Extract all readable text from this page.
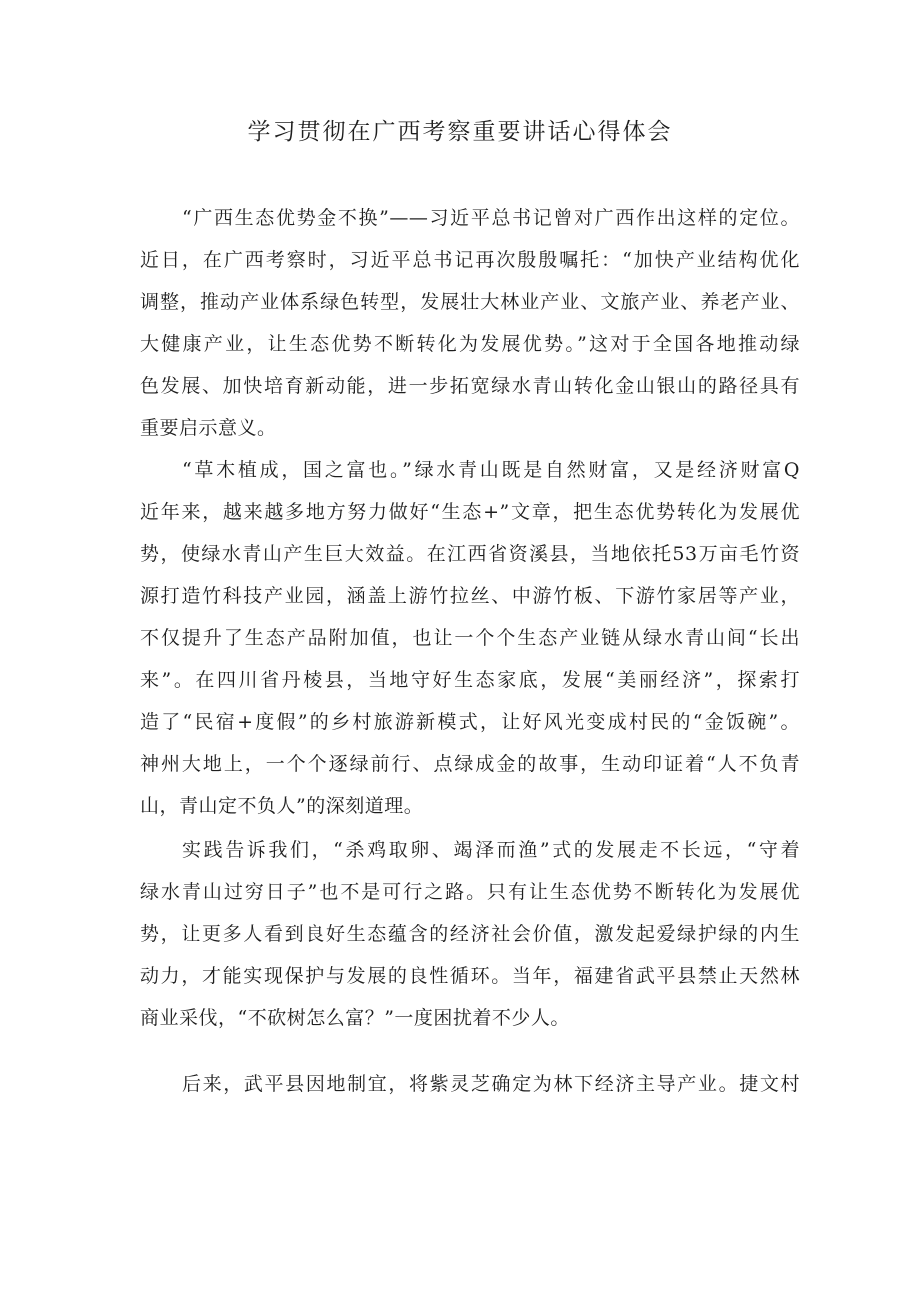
学习贯彻在广西考察重要讲话心得体会
“广西生态优势金不换”——习近平总书记曾对广西作出这样的定位。
近日，在广西考察时，习近平总书记再次殷殷嘱托：“加快产业结构优化
调整，推动产业体系绿色转型，发展壮大林业产业、文旅产业、养老产业、
大健康产业，让生态优势不断转化为发展优势。”这对于全国各地推动绿
色发展、加快培育新动能，进一步拓宽绿水青山转化金山银山的路径具有
重要启示意义。
“草木植成，国之富也。”绿水青山既是自然财富，又是经济财富Q
近年来，越来越多地方努力做好“生态+”文章，把生态优势转化为发展优
势，使绿水青山产生巨大效益。在江西省资溪县，当地依托53万亩毛竹资
源打造竹科技产业园，涵盖上游竹拉丝、中游竹板、下游竹家居等产业，
不仅提升了生态产品附加值，也让一个个生态产业链从绿水青山间“长出
来”。在四川省丹棱县，当地守好生态家底，发展“美丽经济”，探索打
造了“民宿+度假”的乡村旅游新模式，让好风光变成村民的“金饭碗”。
神州大地上，一个个逐绿前行、点绿成金的故事，生动印证着“人不负青
山，青山定不负人”的深刻道理。
实践告诉我们，“杀鸡取卵、竭泽而渔”式的发展走不长远，“守着
绿水青山过穷日子”也不是可行之路。只有让生态优势不断转化为发展优
势，让更多人看到良好生态蕴含的经济社会价值，激发起爱绿护绿的内生
动力，才能实现保护与发展的良性循环。当年，福建省武平县禁止天然林
商业采伐，“不砍树怎么富？”一度困扰着不少人。
后来，武平县因地制宜，将紫灵芝确定为林下经济主导产业。捷文村
